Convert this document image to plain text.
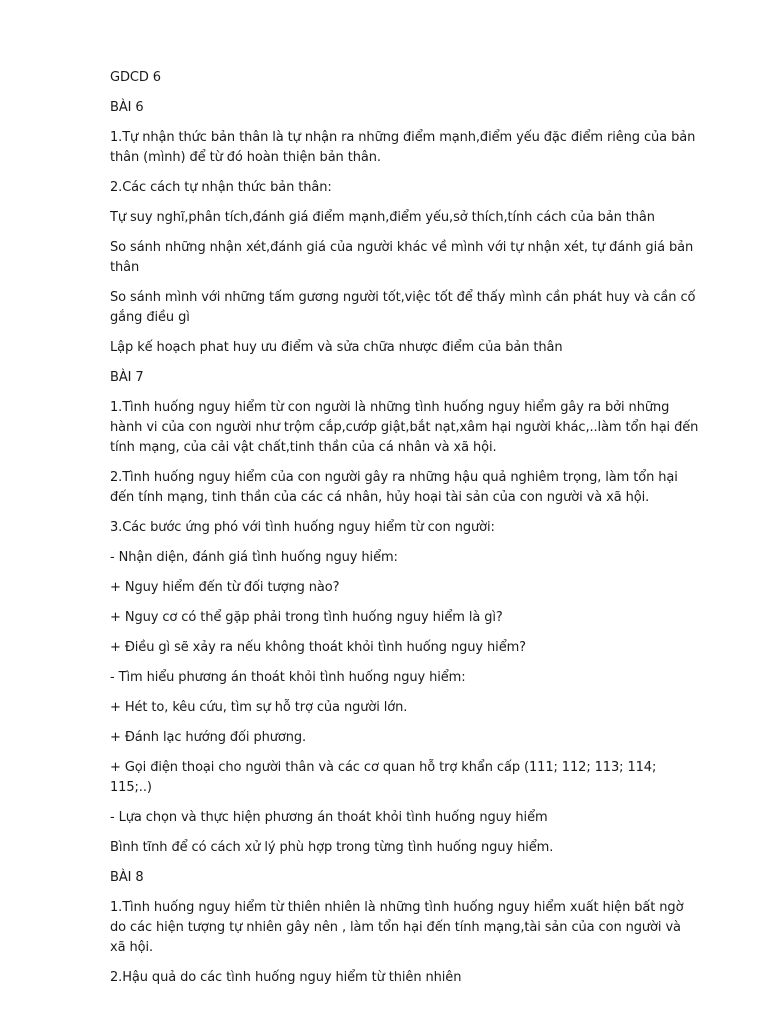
GDCD 6

BÀI 6

1.Tự nhận thức bản thân là tự nhận ra những điểm mạnh,điểm yếu đặc điểm riêng của bản thân (mình) để từ đó hoàn thiện bản thân.

2.Các cách tự nhận thức bản thân:

Tự suy nghĩ,phân tích,đánh giá điểm mạnh,điểm yếu,sở thích,tính cách của bản thân

So sánh những nhận xét,đánh giá của người khác về mình với tự nhận xét, tự đánh giá bản thân

So sánh mình với những tấm gương người tốt,việc tốt để thấy mình cần phát huy và cần cố gắng điều gì

Lập kế hoạch phat huy ưu điểm và sửa chữa nhược điểm của bản thân

BÀI 7

1.Tình huống nguy hiểm từ con người là những tình huống nguy hiểm gây ra bởi những hành vi của con người như trộm cắp,cướp giật,bắt nạt,xâm hại người khác,..làm tổn hại đến tính mạng, của cải vật chất,tinh thần của cá nhân và xã hội.

2.Tình huống nguy hiểm của con người gây ra những hậu quả nghiêm trọng, làm tổn hại đến tính mạng, tinh thần của các cá nhân, hủy hoại tài sản của con người và xã hội.

3.Các bước ứng phó với tình huống nguy hiểm từ con người:

- Nhận diện, đánh giá tình huống nguy hiểm:

+ Nguy hiểm đến từ đối tượng nào?

+ Nguy cơ có thể gặp phải trong tình huống nguy hiểm là gì?

+ Điều gì sẽ xảy ra nếu không thoát khỏi tình huống nguy hiểm?

- Tìm hiểu phương án thoát khỏi tình huống nguy hiểm:

+ Hét to, kêu cứu, tìm sự hỗ trợ của người lớn.

+ Đánh lạc hướng đối phương.

+ Gọi điện thoại cho người thân và các cơ quan hỗ trợ khẩn cấp (111; 112; 113; 114; 115;..)

- Lựa chọn và thực hiện phương án thoát khỏi tình huống nguy hiểm

Bình tĩnh để có cách xử lý phù hợp trong từng tình huống nguy hiểm.

BÀI 8

1.Tình huống nguy hiểm từ thiên nhiên là những tình huống nguy hiểm xuất hiện bất ngờ do các hiện tượng tự nhiên gây nên , làm tổn hại đến tính mạng,tài sản của con người và xã hội.

2.Hậu quả do các tình huống nguy hiểm từ thiên nhiên
